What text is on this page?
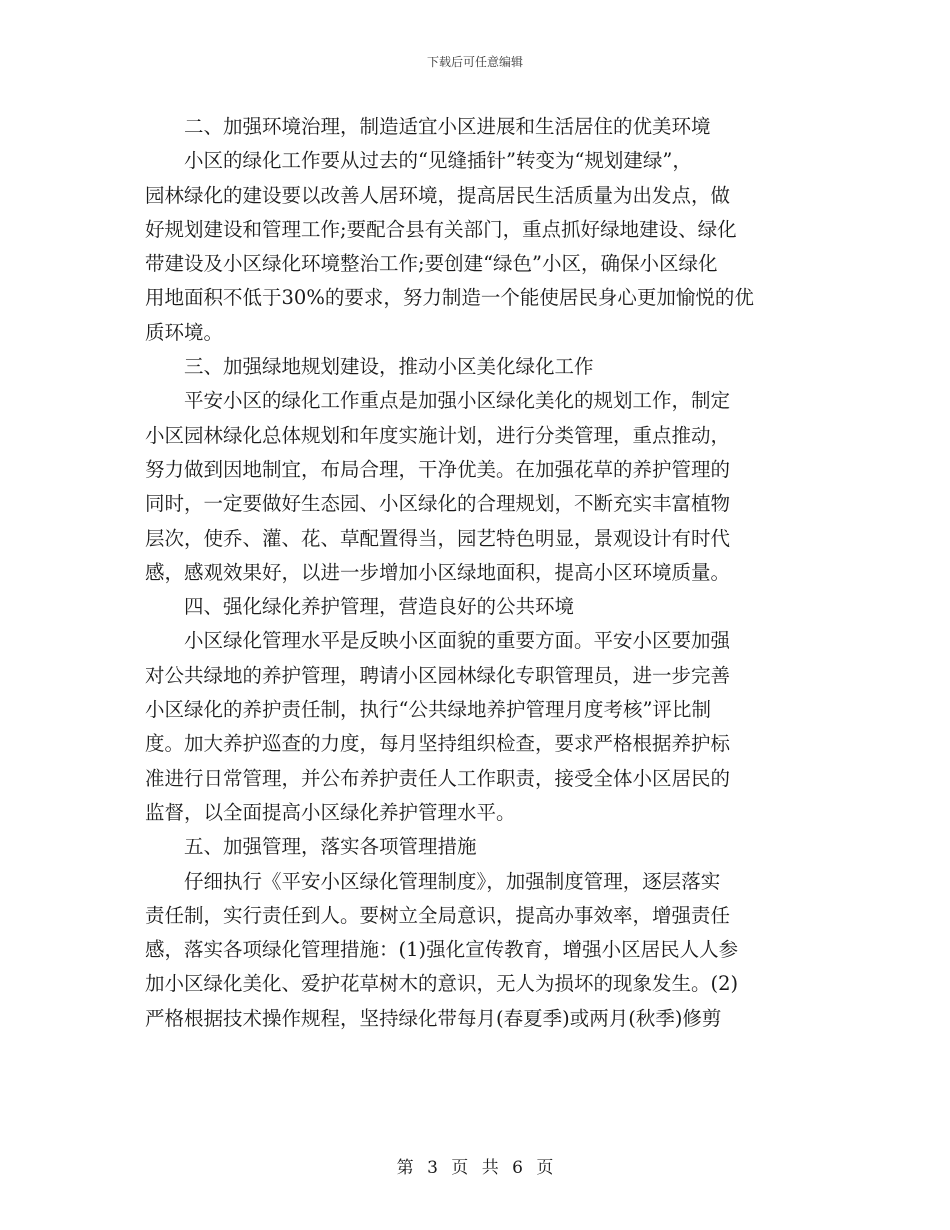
下载后可任意编辑
　　二、加强环境治理，制造适宜小区进展和生活居住的优美环境
　　小区的绿化工作要从过去的“见缝插针”转变为“规划建绿”，
园林绿化的建设要以改善人居环境，提高居民生活质量为出发点，做
好规划建设和管理工作;要配合县有关部门，重点抓好绿地建设、绿化
带建设及小区绿化环境整治工作;要创建“绿色”小区，确保小区绿化
用地面积不低于30%的要求，努力制造一个能使居民身心更加愉悦的优
质环境。
　　三、加强绿地规划建设，推动小区美化绿化工作
　　平安小区的绿化工作重点是加强小区绿化美化的规划工作，制定
小区园林绿化总体规划和年度实施计划，进行分类管理，重点推动，
努力做到因地制宜，布局合理，干净优美。在加强花草的养护管理的
同时，一定要做好生态园、小区绿化的合理规划，不断充实丰富植物
层次，使乔、灌、花、草配置得当，园艺特色明显，景观设计有时代
感，感观效果好，以进一步增加小区绿地面积，提高小区环境质量。
　　四、强化绿化养护管理，营造良好的公共环境
　　小区绿化管理水平是反映小区面貌的重要方面。平安小区要加强
对公共绿地的养护管理，聘请小区园林绿化专职管理员，进一步完善
小区绿化的养护责任制，执行“公共绿地养护管理月度考核”评比制
度。加大养护巡查的力度，每月坚持组织检查，要求严格根据养护标
准进行日常管理，并公布养护责任人工作职责，接受全体小区居民的
监督，以全面提高小区绿化养护管理水平。
　　五、加强管理，落实各项管理措施
　　仔细执行《平安小区绿化管理制度》，加强制度管理，逐层落实
责任制，实行责任到人。要树立全局意识，提高办事效率，增强责任
感，落实各项绿化管理措施：(1)强化宣传教育，增强小区居民人人参
加小区绿化美化、爱护花草树木的意识，无人为损坏的现象发生。(2)
严格根据技术操作规程，坚持绿化带每月(春夏季)或两月(秋季)修剪
第 3 页 共 6 页
